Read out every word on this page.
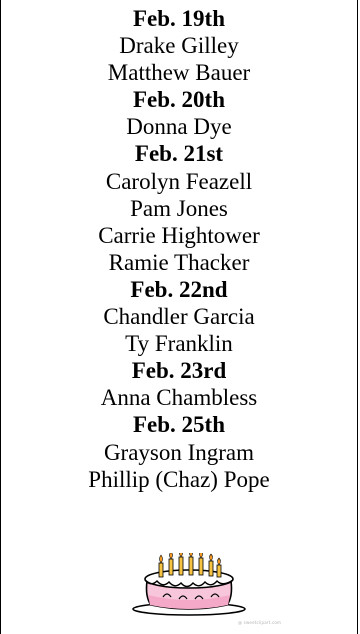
Feb. 19th
Drake Gilley
Matthew Bauer
Feb. 20th
Donna Dye
Feb. 21st
Carolyn Feazell
Pam Jones
Carrie Hightower
Ramie Thacker
Feb. 22nd
Chandler Garcia
Ty Franklin
Feb. 23rd
Anna Chambless
Feb. 25th
Grayson Ingram
Phillip (Chaz) Pope
@ sweetclipart.com
